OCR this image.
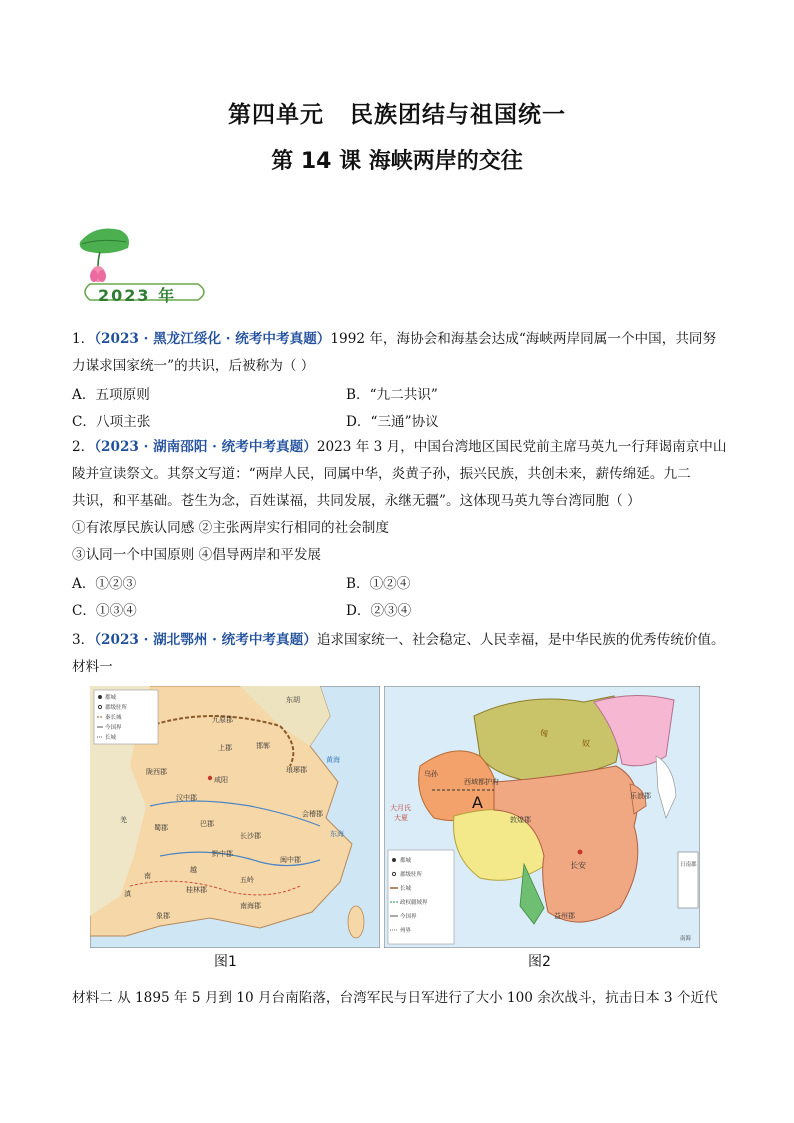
第四单元 民族团结与祖国统一
第 14 课 海峡两岸的交往
2023 年
1．（2023 · 黑龙江绥化 · 统考中考真题）1992 年，海协会和海基会达成“海峡两岸同属一个中国，共同努
力谋求国家统一”的共识，后被称为（ ）
A．五项原则	B．“九二共识”
C．八项主张	D．“三通”协议
2．（2023 · 湖南邵阳 · 统考中考真题）2023 年 3 月，中国台湾地区国民党前主席马英九一行拜谒南京中山
陵并宣读祭文。其祭文写道：“两岸人民，同属中华，炎黄子孙，振兴民族，共创未来，薪传绵延。九二
共识，和平基础。苍生为念，百姓谋福，共同发展，永继无疆”。这体现马英九等台湾同胞（ ）
①有浓厚民族认同感 ②主张两岸实行相同的社会制度
③认同一个中国原则 ④倡导两岸和平发展
A．①②③	B．①②④
C．①③④	D．②③④
3．（2023 · 湖北鄂州 · 统考中考真题）追求国家统一、社会稳定、人民幸福，是中华民族的优秀传统价值。
材料一
都城
郡级驻所
秦长城
今国界
长城
东胡
九原郡
上郡
陇西郡
咸阳
汉中郡
蜀郡	巴郡
黔中郡
长沙郡
会稽郡
闽中郡
南海郡
桂林郡
象郡
羌
南
越
滇
五岭
邯郸
琅琊郡
东海
黄海
A
匈
奴
乌孙
西域都护府
敦煌郡
长安
大月氏
大夏
乐浪郡
益州郡
日南郡
南海
都城
郡级驻所
长城
政权疆域界
今国界
州界
图1	图2
材料二 从 1895 年 5 月到 10 月台南陷落，台湾军民与日军进行了大小 100 余次战斗，抗击日本 3 个近代
